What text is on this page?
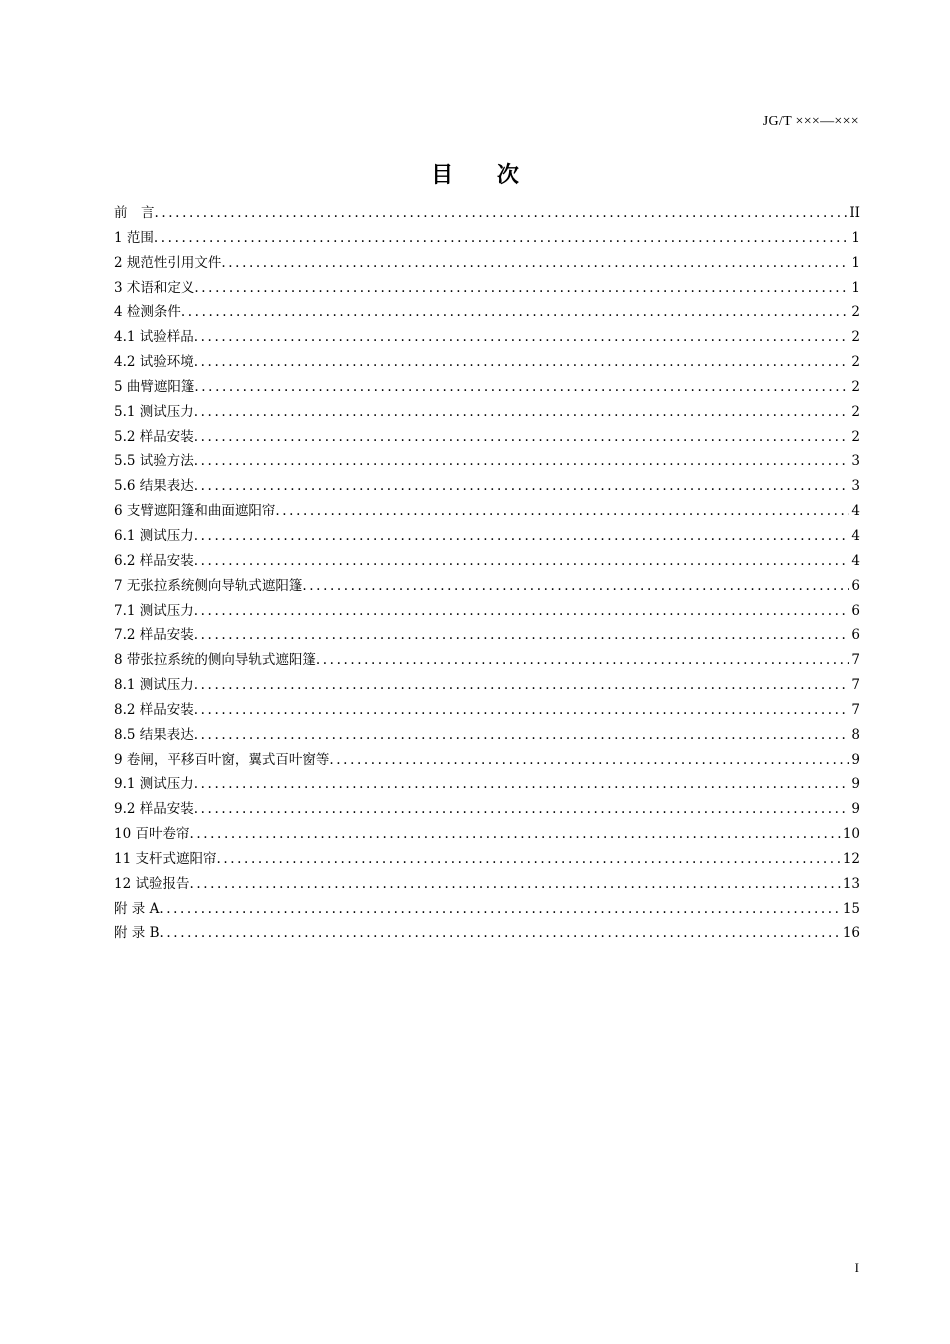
JG/T ×××—×××
目 次
前　言 .....	II
1 范围 .....	1
2 规范性引用文件 .....	1
3 术语和定义 .....	1
4 检测条件 .....	2
4.1 试验样品 .....	2
4.2 试验环境 .....	2
5 曲臂遮阳篷 .....	2
5.1 测试压力 .....	2
5.2 样品安装 .....	2
5.5 试验方法 .....	3
5.6 结果表达 .....	3
6 支臂遮阳篷和曲面遮阳帘 .....	4
6.1 测试压力 .....	4
6.2 样品安装 .....	4
7 无张拉系统侧向导轨式遮阳篷 .....	6
7.1 测试压力 .....	6
7.2 样品安装 .....	6
8 带张拉系统的侧向导轨式遮阳篷 .....	7
8.1 测试压力 .....	7
8.2 样品安装 .....	7
8.5 结果表达 .....	8
9 卷闸，平移百叶窗，翼式百叶窗等 .....	9
9.1 测试压力 .....	9
9.2 样品安装 .....	9
10 百叶卷帘 .....	10
11 支杆式遮阳帘 .....	12
12 试验报告 .....	13
附 录 A .....	15
附 录 B .....	16
I
